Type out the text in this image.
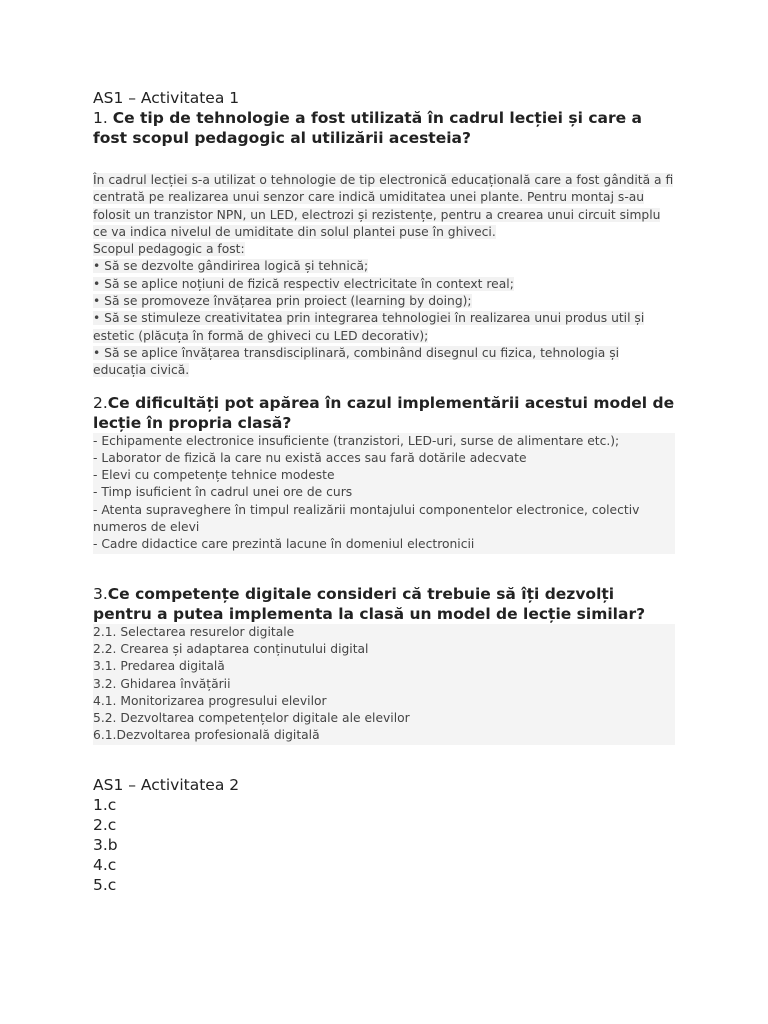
AS1 – Activitatea 1

1. Ce tip de tehnologie a fost utilizată în cadrul lecției și care a fost scopul pedagogic al utilizării acesteia?

În cadrul lecției s-a utilizat o tehnologie de tip electronică educațională care a fost gândită a fi centrată pe realizarea unui senzor care indică umiditatea unei plante. Pentru montaj s-au folosit un tranzistor NPN, un LED, electrozi și rezistențe, pentru a crearea unui circuit simplu ce va indica nivelul de umiditate din solul plantei puse în ghiveci.
Scopul pedagogic a fost:
• Să se dezvolte gândirirea logică și tehnică;
• Să se aplice noțiuni de fizică respectiv electricitate în context real;
• Să se promoveze învățarea prin proiect (learning by doing);
• Să se stimuleze creativitatea prin integrarea tehnologiei în realizarea unui produs util și estetic (plăcuța în formă de ghiveci cu LED decorativ);
• Să se aplice învățarea transdisciplinară, combinând disegnul cu fizica, tehnologia și educația civică.

2.Ce dificultăți pot apărea în cazul implementării acestui model de lecție în propria clasă?

- Echipamente electronice insuficiente (tranzistori, LED-uri, surse de alimentare etc.);
- Laborator de fizică la care nu există acces sau fară dotările adecvate
- Elevi cu competențe tehnice modeste
- Timp isuficient în cadrul unei ore de curs
- Atenta supraveghere în timpul realizării montajului componentelor electronice, colectiv numeros de elevi
- Cadre didactice care prezintă lacune în domeniul electronicii

3.Ce competențe digitale consideri că trebuie să îți dezvolți pentru a putea implementa la clasă un model de lecție similar?

2.1. Selectarea resurelor digitale
2.2. Crearea și adaptarea conținutului digital
3.1. Predarea digitală
3.2. Ghidarea învățării
4.1. Monitorizarea progresului elevilor
5.2. Dezvoltarea competențelor digitale ale elevilor
6.1.Dezvoltarea profesională digitală

AS1 – Activitatea 2

1.c
2.c
3.b
4.c
5.c
